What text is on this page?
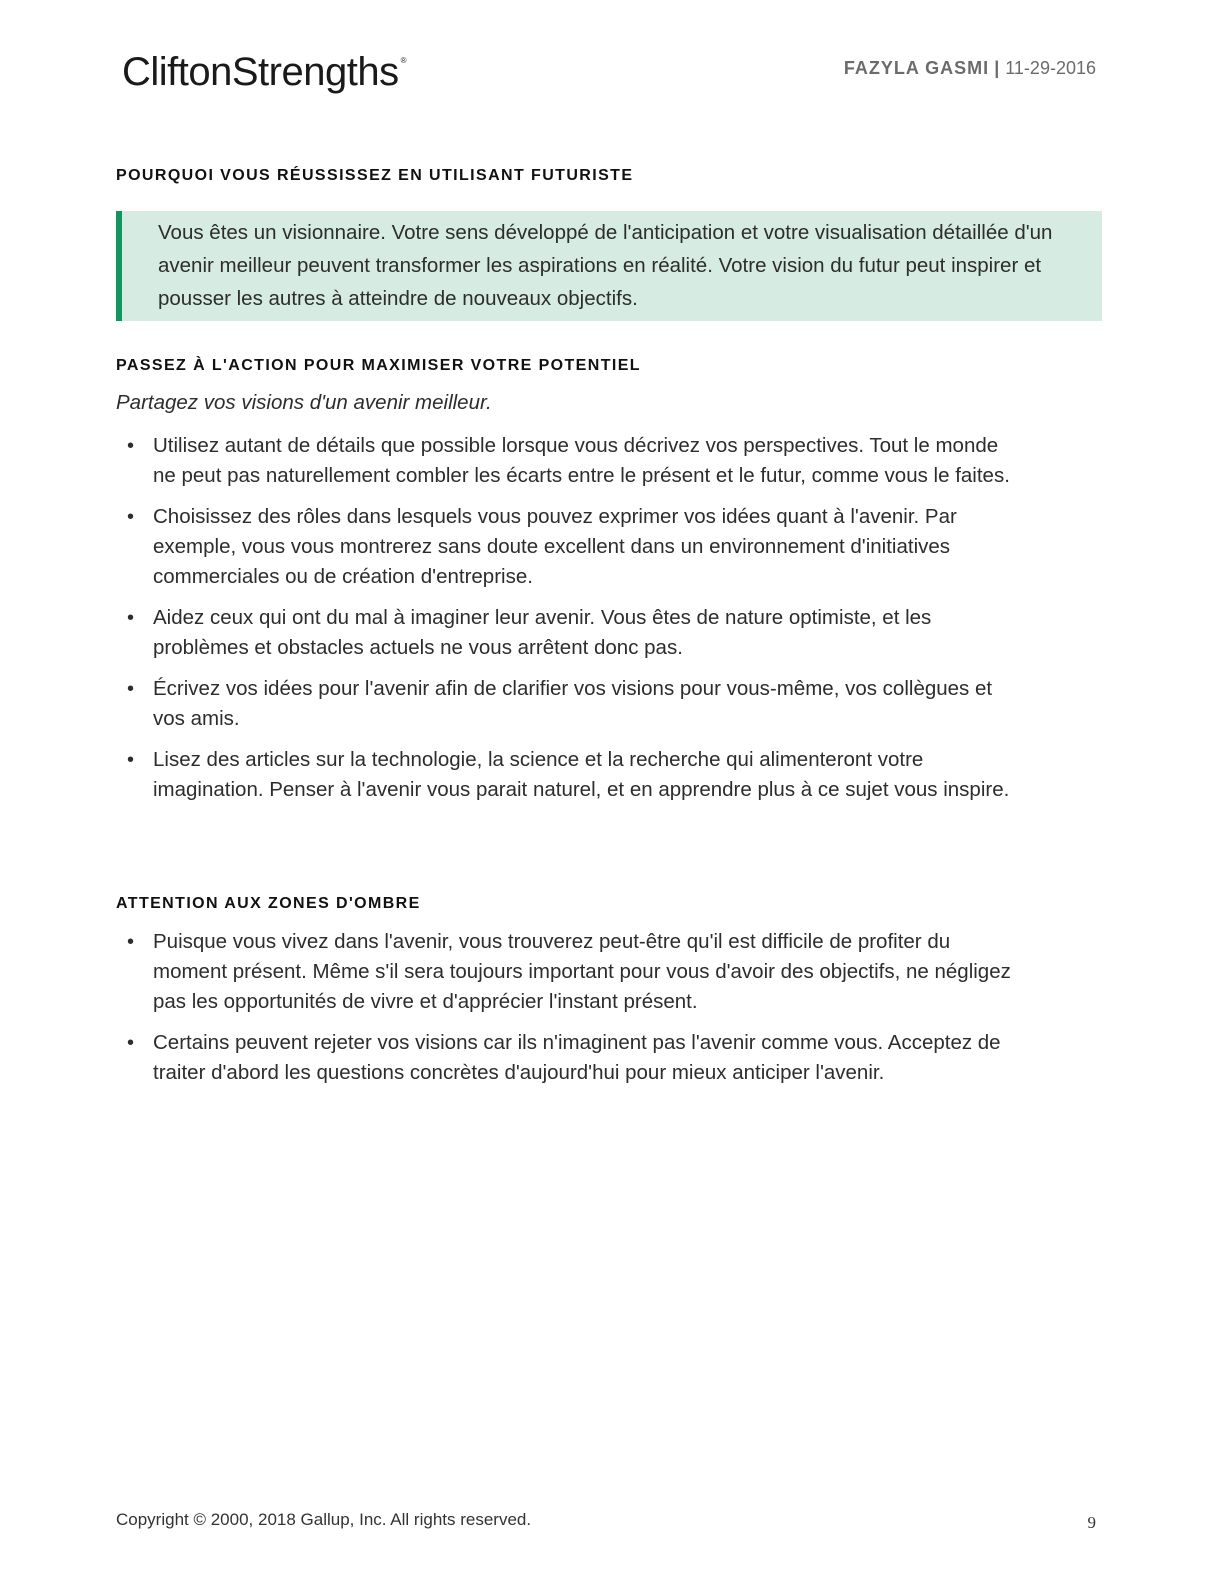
CliftonStrengths ®	FAZYLA GASMI | 11-29-2016
POURQUOI VOUS RÉUSSISSEZ EN UTILISANT FUTURISTE

Vous êtes un visionnaire. Votre sens développé de l'anticipation et votre visualisation détaillée d'un avenir meilleur peuvent transformer les aspirations en réalité. Votre vision du futur peut inspirer et pousser les autres à atteindre de nouveaux objectifs.

PASSEZ À L'ACTION POUR MAXIMISER VOTRE POTENTIEL

Partagez vos visions d'un avenir meilleur.

• Utilisez autant de détails que possible lorsque vous décrivez vos perspectives. Tout le monde ne peut pas naturellement combler les écarts entre le présent et le futur, comme vous le faites.
• Choisissez des rôles dans lesquels vous pouvez exprimer vos idées quant à l'avenir. Par exemple, vous vous montrerez sans doute excellent dans un environnement d'initiatives commerciales ou de création d'entreprise.
• Aidez ceux qui ont du mal à imaginer leur avenir. Vous êtes de nature optimiste, et les problèmes et obstacles actuels ne vous arrêtent donc pas.
• Écrivez vos idées pour l'avenir afin de clarifier vos visions pour vous-même, vos collègues et vos amis.
• Lisez des articles sur la technologie, la science et la recherche qui alimenteront votre imagination. Penser à l'avenir vous parait naturel, et en apprendre plus à ce sujet vous inspire.
ATTENTION AUX ZONES D'OMBRE
• Puisque vous vivez dans l'avenir, vous trouverez peut-être qu'il est difficile de profiter du moment présent. Même s'il sera toujours important pour vous d'avoir des objectifs, ne négligez pas les opportunités de vivre et d'apprécier l'instant présent.
• Certains peuvent rejeter vos visions car ils n'imaginent pas l'avenir comme vous. Acceptez de traiter d'abord les questions concrètes d'aujourd'hui pour mieux anticiper l'avenir.
Copyright © 2000, 2018 Gallup, Inc. All rights reserved.	9
